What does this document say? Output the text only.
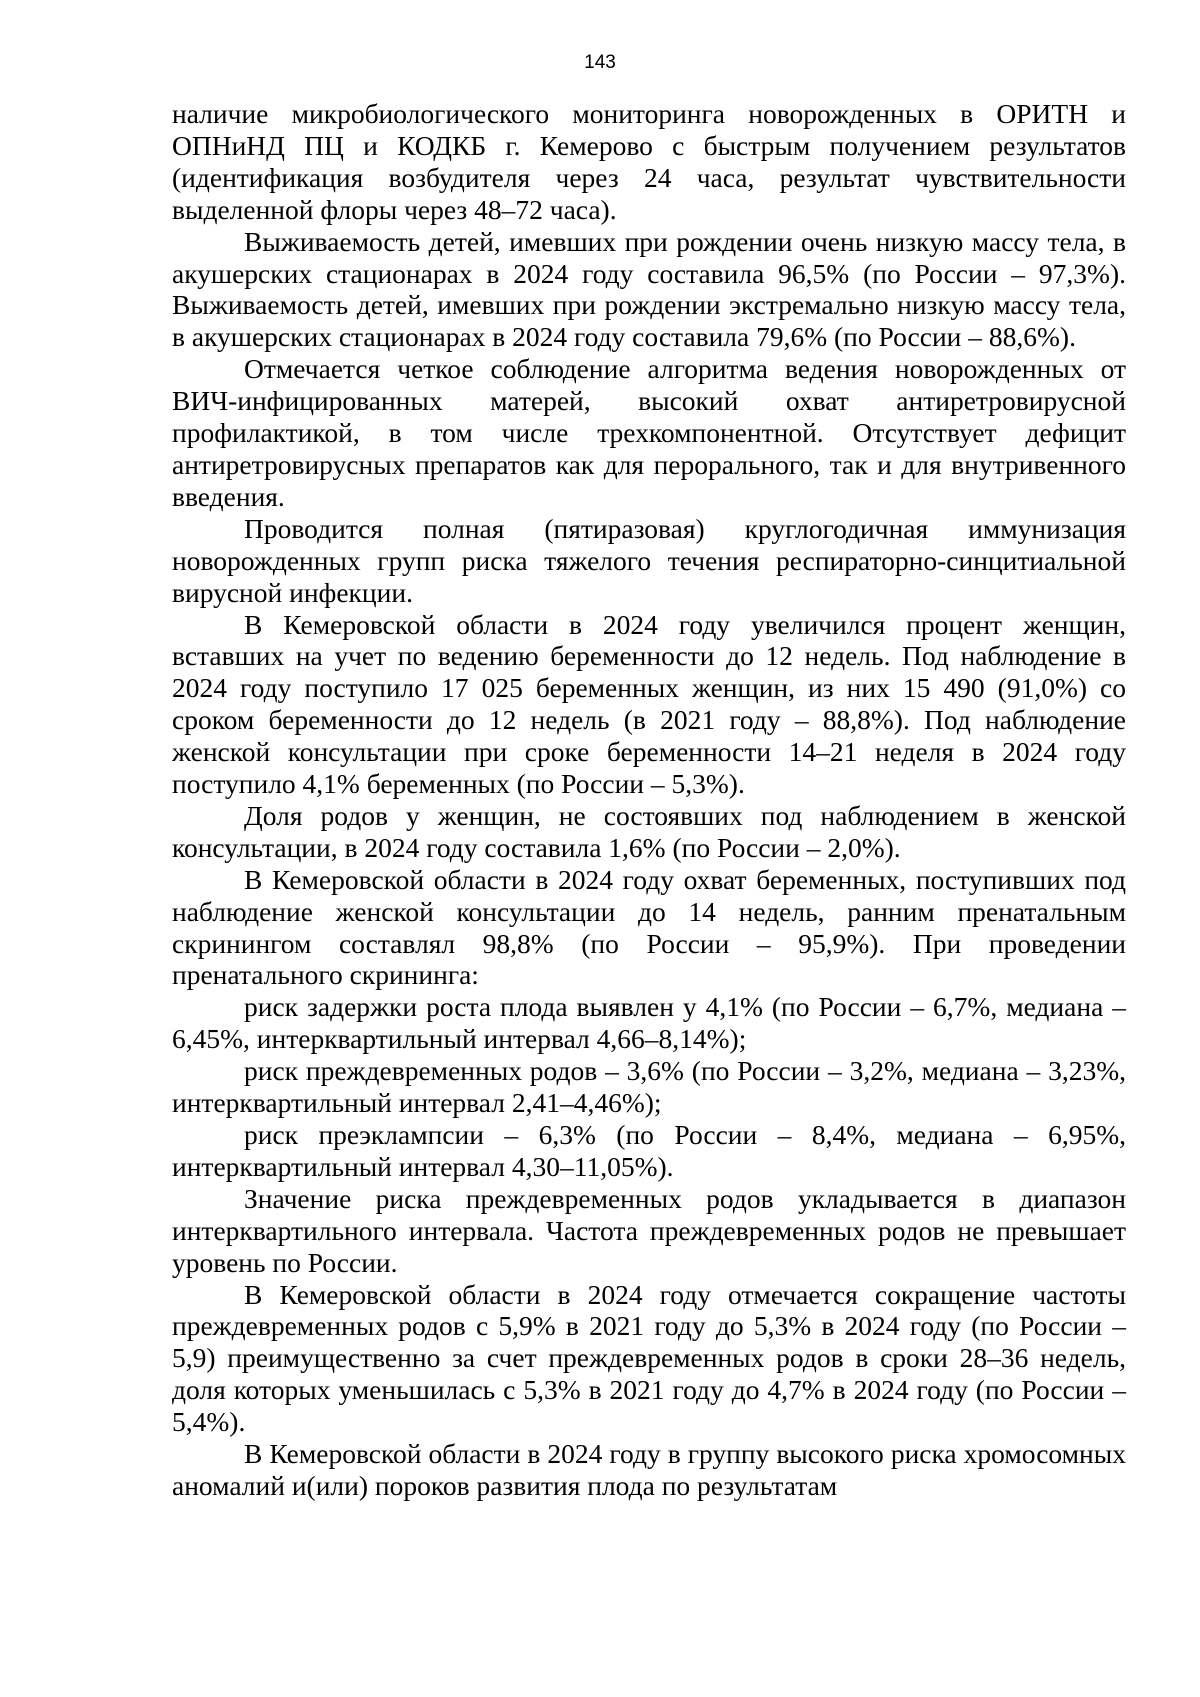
143

наличие микробиологического мониторинга новорожденных в ОРИТН и ОПНиНД ПЦ и КОДКБ г. Кемерово с быстрым получением результатов (идентификация возбудителя через 24 часа, результат чувствительности выделенной флоры через 48–72 часа).

Выживаемость детей, имевших при рождении очень низкую массу тела, в акушерских стационарах в 2024 году составила 96,5% (по России – 97,3%). Выживаемость детей, имевших при рождении экстремально низкую массу тела, в акушерских стационарах в 2024 году составила 79,6% (по России – 88,6%).

Отмечается четкое соблюдение алгоритма ведения новорожденных от ВИЧ-инфицированных матерей, высокий охват антиретровирусной профилактикой, в том числе трехкомпонентной. Отсутствует дефицит антиретровирусных препаратов как для перорального, так и для внутривенного введения.

Проводится полная (пятиразовая) круглогодичная иммунизация новорожденных групп риска тяжелого течения респираторно-синцитиальной вирусной инфекции.

В Кемеровской области в 2024 году увеличился процент женщин, вставших на учет по ведению беременности до 12 недель. Под наблюдение в 2024 году поступило 17 025 беременных женщин, из них 15 490 (91,0%) со сроком беременности до 12 недель (в 2021 году – 88,8%). Под наблюдение женской консультации при сроке беременности 14–21 неделя в 2024 году поступило 4,1% беременных (по России – 5,3%).

Доля родов у женщин, не состоявших под наблюдением в женской консультации, в 2024 году составила 1,6% (по России – 2,0%).

В Кемеровской области в 2024 году охват беременных, поступивших под наблюдение женской консультации до 14 недель, ранним пренатальным скринингом составлял 98,8% (по России – 95,9%). При проведении пренатального скрининга:

риск задержки роста плода выявлен у 4,1% (по России – 6,7%, медиана – 6,45%, интерквартильный интервал 4,66–8,14%);

риск преждевременных родов – 3,6% (по России – 3,2%, медиана – 3,23%, интерквартильный интервал 2,41–4,46%);

риск преэклампсии – 6,3% (по России – 8,4%, медиана – 6,95%, интерквартильный интервал 4,30–11,05%).

Значение риска преждевременных родов укладывается в диапазон интерквартильного интервала. Частота преждевременных родов не превышает уровень по России.

В Кемеровской области в 2024 году отмечается сокращение частоты преждевременных родов с 5,9% в 2021 году до 5,3% в 2024 году (по России – 5,9) преимущественно за счет преждевременных родов в сроки 28–36 недель, доля которых уменьшилась с 5,3% в 2021 году до 4,7% в 2024 году (по России – 5,4%).

В Кемеровской области в 2024 году в группу высокого риска хромосомных аномалий и(или) пороков развития плода по результатам
